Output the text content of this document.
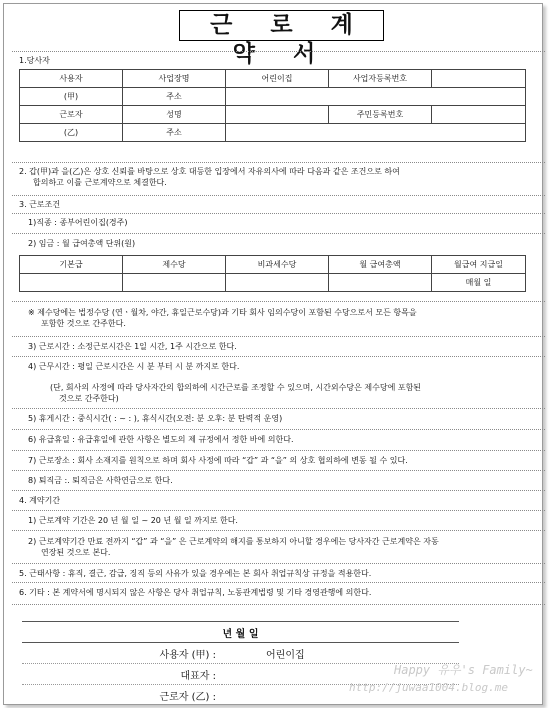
근 로 계 약 서
1.당사자
사용자	사업장명	어린이집	사업자등록번호	
(甲)	주소			
근로자	성명		주민등록번호	
(乙)	주소			
2. 갑(甲)과 을(乙)은 상호 신뢰를 바탕으로 상호 대등한 입장에서 자유의사에 따라 다음과 같은 조건으로 하여
합의하고 이를 근로계약으로 체결한다.
3. 근로조건
1)직종 : 종부어린이집(경주)
2) 임금 : 월 급여총액 단위(원)
기본급	제수당	비과세수당	월 급여총액	월급여 지급일
				매월 일
※ 제수당에는 법정수당 (연ㆍ월차, 야간, 휴일근로수당)과 기타 회사 임의수당이 포함된 수당으로서 모든 항목을
포함한 것으로 간주한다.
3) 근로시간 : 소정근로시간은 1일 시간, 1주 시간으로 한다.
4) 근무시간 : 평일 근로시간은 시 분 부터 시 분 까지로 한다.
(단, 회사의 사정에 따라 당사자간의 합의하에 시간근로를 조정할 수 있으며, 시간외수당은 제수당에 포함된
것으로 간주한다)
5) 휴게시간 : 중식시간( : ~ : ), 휴식시간(오전: 분 오후: 분 탄력적 운영)
6) 유급휴일 : 유급휴일에 관한 사항은 별도의 제 규정에서 정한 바에 의한다.
7) 근로장소 : 회사 소재지를 원칙으로 하며 회사 사정에 따라 “갑” 과 “을” 의 상호 협의하에 변동 될 수 있다.
8) 퇴직금 :. 퇴직금은 사학연금으로 한다.
4. 계약기간
1) 근로계약 기간은 20 년 월 일 ~ 20 년 월 일 까지로 한다.
2) 근로계약기간 만료 전까지 “갑” 과 “을” 은 근로계약의 해지를 통보하지 아니할 경우에는 당사자간 근로계약은 자동
연장된 것으로 본다.
5. 근태사항 : 휴직, 결근, 감급, 징직 등의 사유가 있을 경우에는 본 회사 취업규칙상 규정을 적용한다.
6. 기타 : 본 계약서에 명시되지 않은 사항은 당사 취업규칙, 노동관계법령 및 기타 경영관행에 의한다.
년 월 일	
사용자 (甲) :	어린이집
대표자 :	
근로자 (乙) :	
Happy 유우's Family~
http://juwaa1004.blog.me
